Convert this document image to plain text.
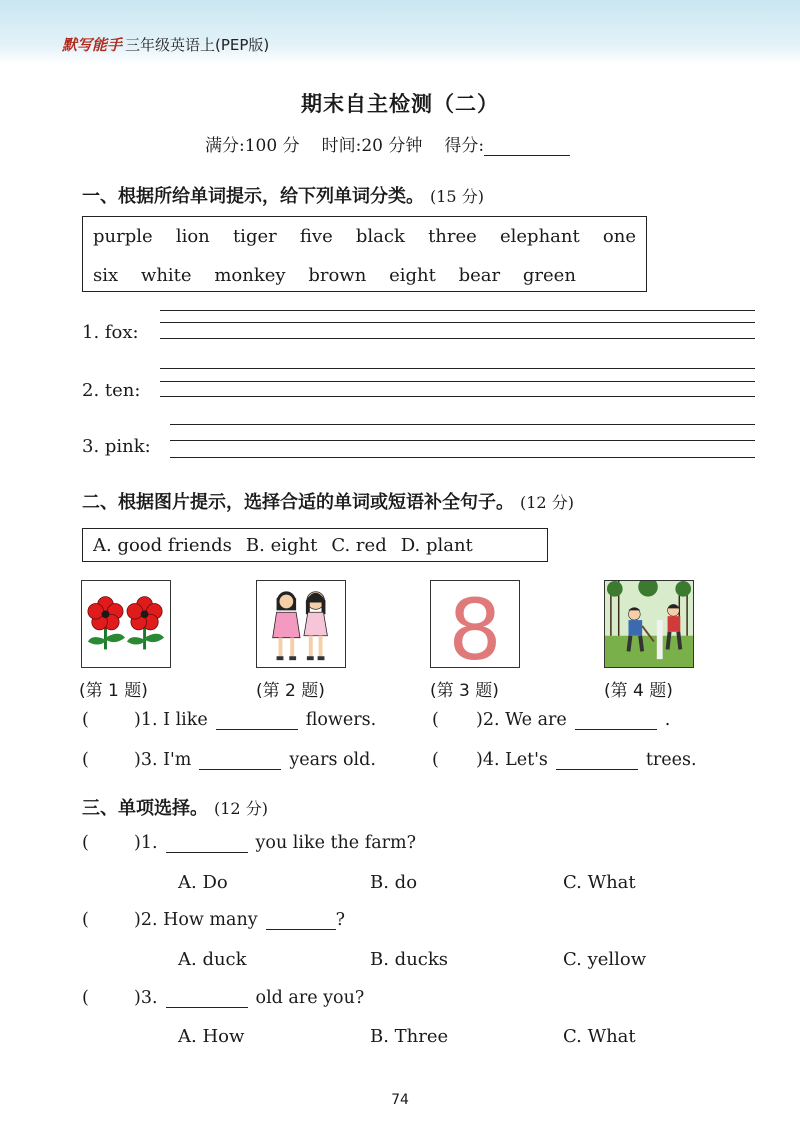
默写能手 三年级英语上(PEP版)
期末自主检测（二）
满分:100 分 时间:20 分钟 得分:
一、根据所给单词提示，给下列单词分类。 (15 分)
purple lion tiger five black three elephant one
six white monkey brown eight bear green
1. fox:
2. ten:
3. pink:
二、根据图片提示，选择合适的单词或短语补全句子。 (12 分)
A. good friends B. eight C. red D. plant
8
(第 1 题)	(第 2 题)	(第 3 题)	(第 4 题)
(	)1. I like	flowers.	( )2. We are	.
(	)3. I'm	years old.	( )4. Let's	trees.
三、单项选择。 (12 分)
(	)1.	you like the farm?
A. Do	B. do	C. What
(	)2. How many	?
A. duck	B. ducks	C. yellow
(	)3.	old are you?
A. How	B. Three	C. What
74
